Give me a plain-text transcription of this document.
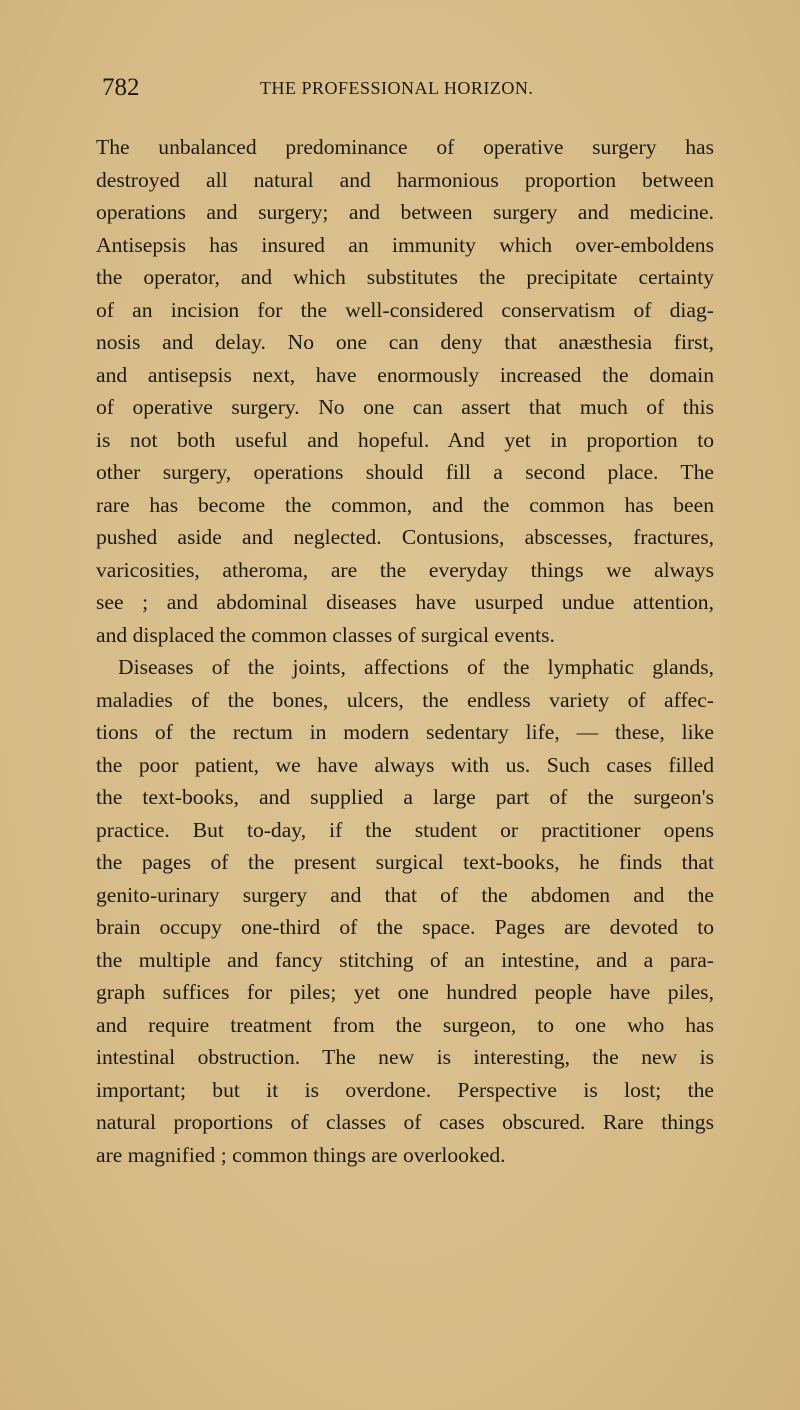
782	THE PROFESSIONAL HORIZON.
The unbalanced predominance of operative surgery has
destroyed all natural and harmonious proportion between
operations and surgery; and between surgery and medicine.
Antisepsis has insured an immunity which over-emboldens
the operator, and which substitutes the precipitate certainty
of an incision for the well-considered conservatism of diag-
nosis and delay. No one can deny that anæsthesia first,
and antisepsis next, have enormously increased the domain
of operative surgery. No one can assert that much of this
is not both useful and hopeful. And yet in proportion to
other surgery, operations should fill a second place. The
rare has become the common, and the common has been
pushed aside and neglected. Contusions, abscesses, fractures,
varicosities, atheroma, are the everyday things we always
see ; and abdominal diseases have usurped undue attention,
and displaced the common classes of surgical events.
Diseases of the joints, affections of the lymphatic glands,
maladies of the bones, ulcers, the endless variety of affec-
tions of the rectum in modern sedentary life, — these, like
the poor patient, we have always with us. Such cases filled
the text-books, and supplied a large part of the surgeon's
practice. But to-day, if the student or practitioner opens
the pages of the present surgical text-books, he finds that
genito-urinary surgery and that of the abdomen and the
brain occupy one-third of the space. Pages are devoted to
the multiple and fancy stitching of an intestine, and a para-
graph suffices for piles; yet one hundred people have piles,
and require treatment from the surgeon, to one who has
intestinal obstruction. The new is interesting, the new is
important; but it is overdone. Perspective is lost; the
natural proportions of classes of cases obscured. Rare things
are magnified ; common things are overlooked.
